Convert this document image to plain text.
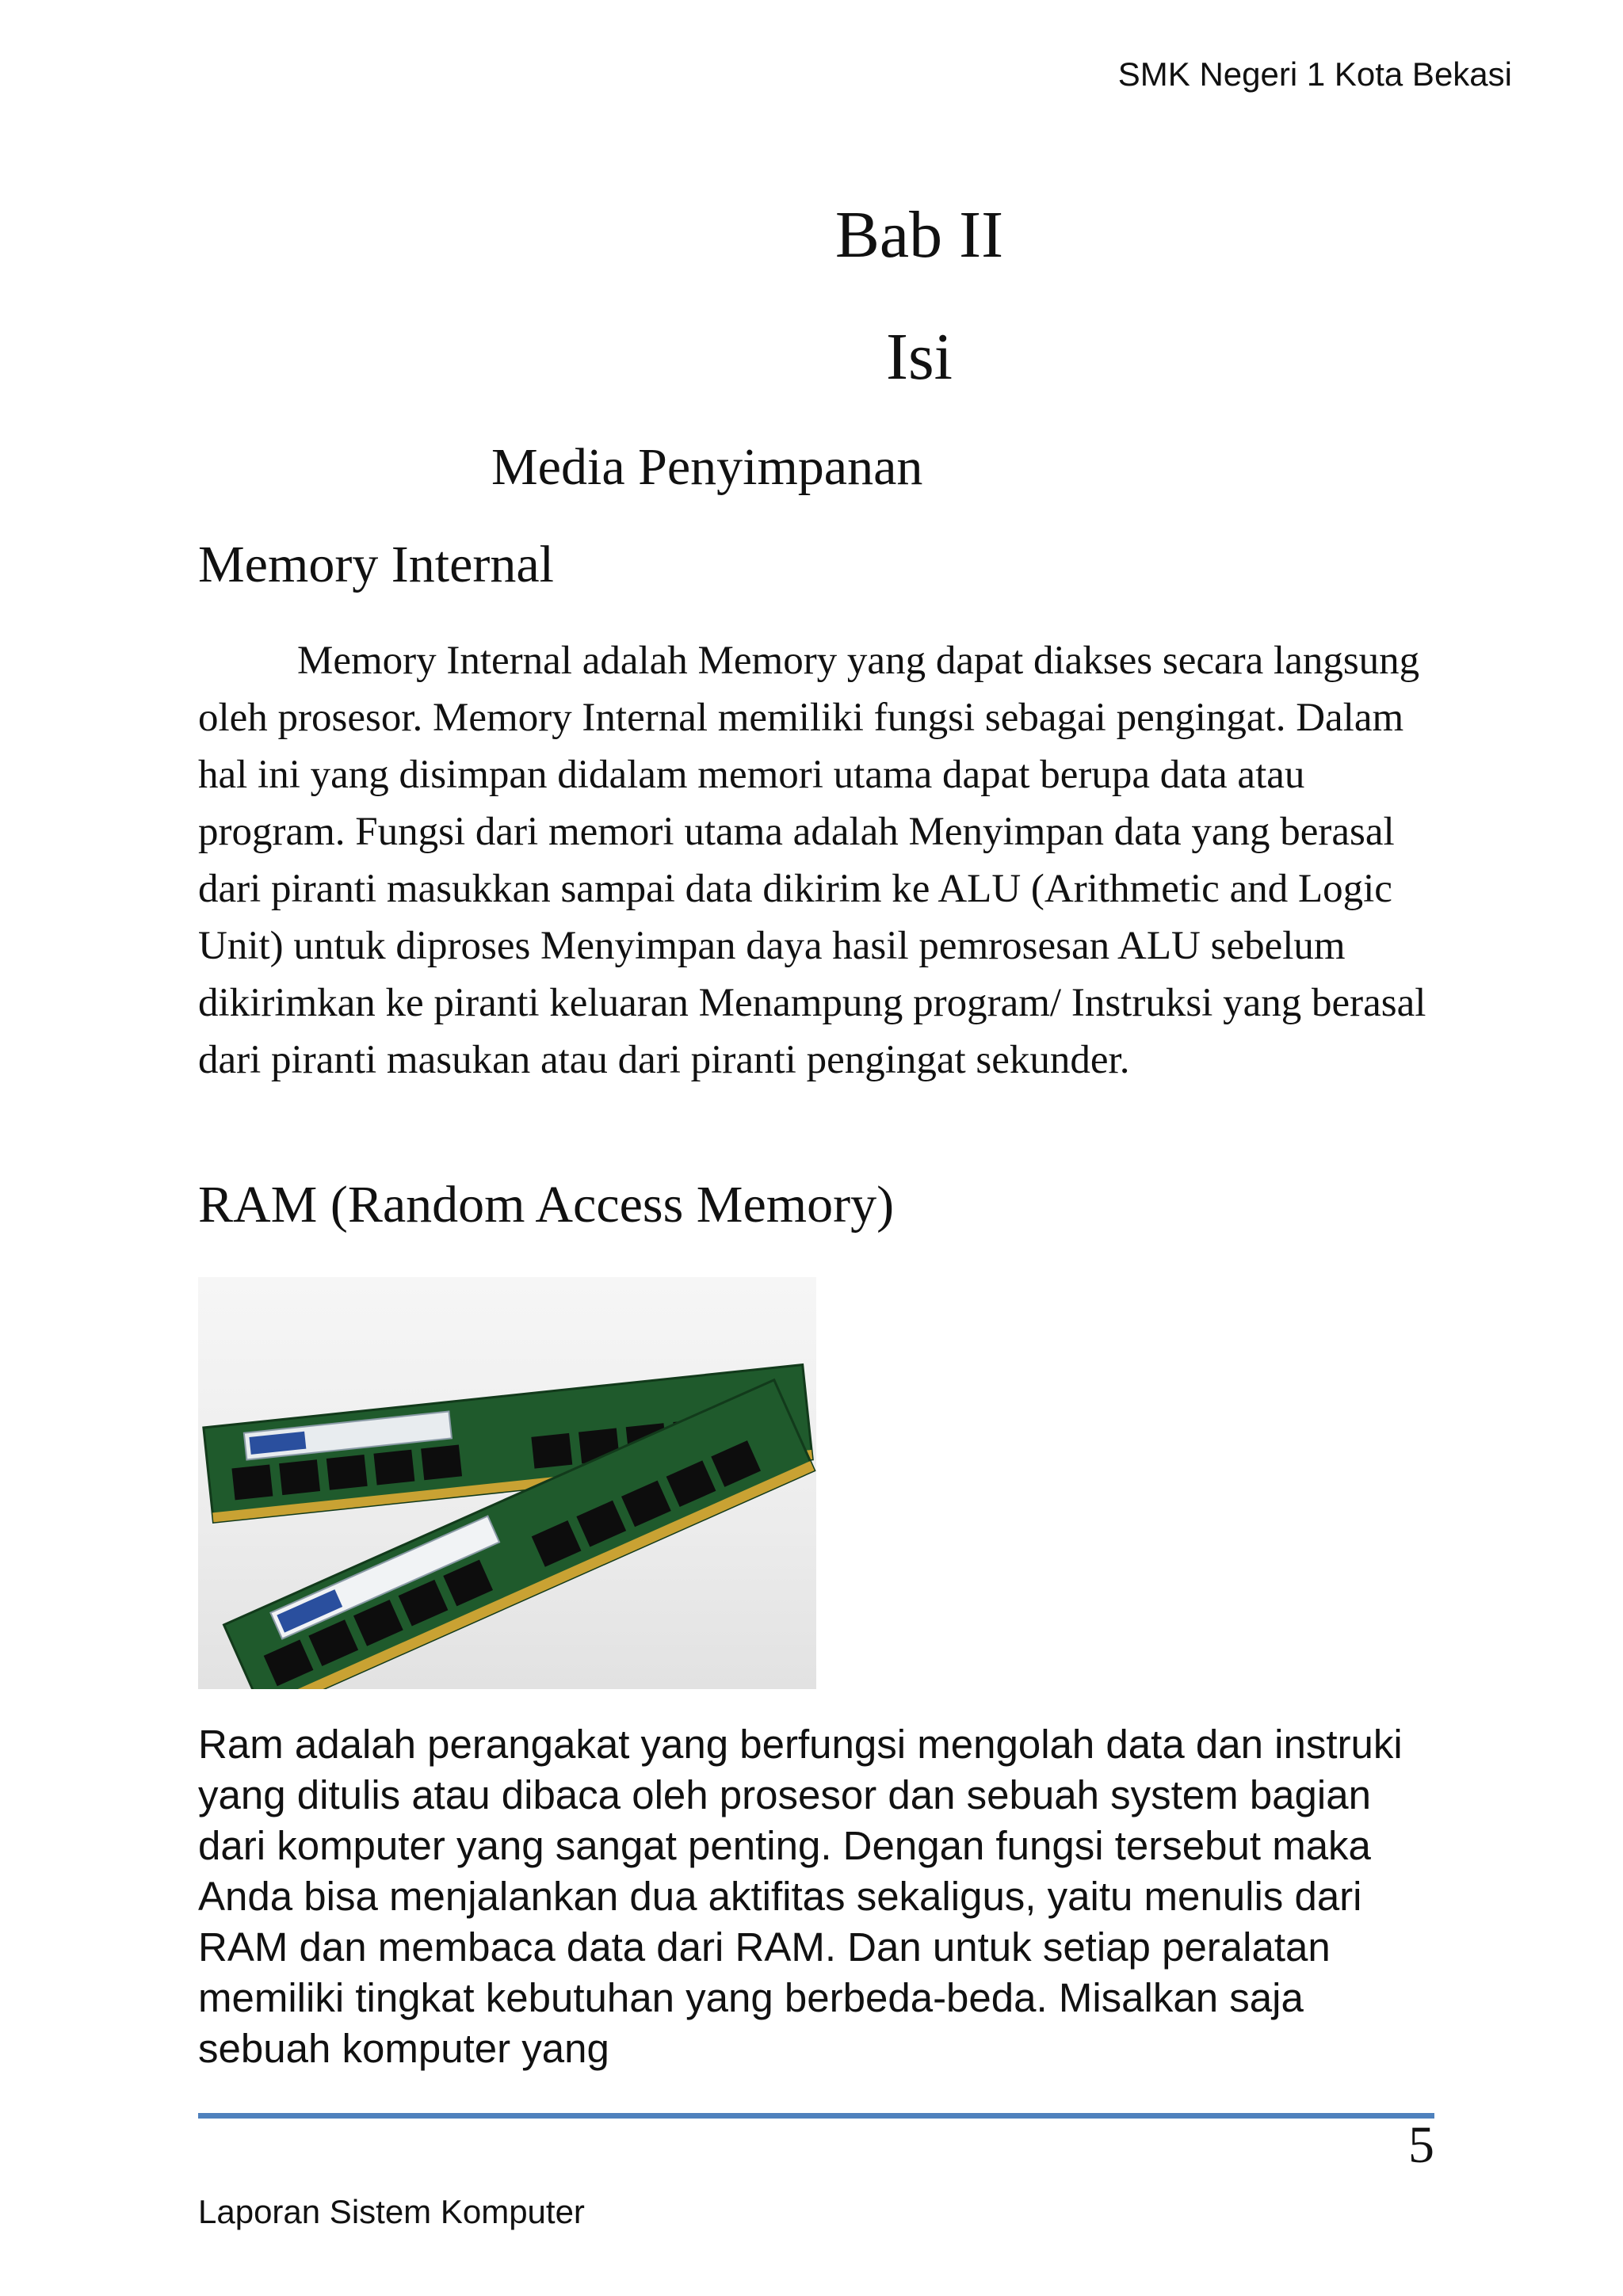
SMK Negeri 1 Kota Bekasi
Bab II
Isi
Media Penyimpanan
Memory Internal
Memory Internal adalah Memory yang dapat diakses secara langsung oleh prosesor. Memory Internal memiliki fungsi sebagai pengingat. Dalam hal ini yang disimpan didalam memori utama dapat berupa data atau program. Fungsi dari memori utama adalah Menyimpan data yang berasal dari piranti masukkan sampai data dikirim ke ALU (Arithmetic and Logic Unit) untuk diproses Menyimpan daya hasil pemrosesan ALU sebelum dikirimkan ke piranti keluaran Menampung program/ Instruksi yang berasal dari piranti masukan atau dari piranti pengingat sekunder.
RAM (Random Access Memory)
Ram adalah perangakat yang berfungsi mengolah data dan instruki yang ditulis atau dibaca oleh prosesor dan sebuah system bagian dari komputer yang sangat penting. Dengan fungsi tersebut maka Anda bisa menjalankan dua aktifitas sekaligus, yaitu menulis dari RAM dan membaca data dari RAM. Dan untuk setiap peralatan memiliki tingkat kebutuhan yang berbeda-beda. Misalkan saja sebuah komputer yang
5
Laporan Sistem Komputer
